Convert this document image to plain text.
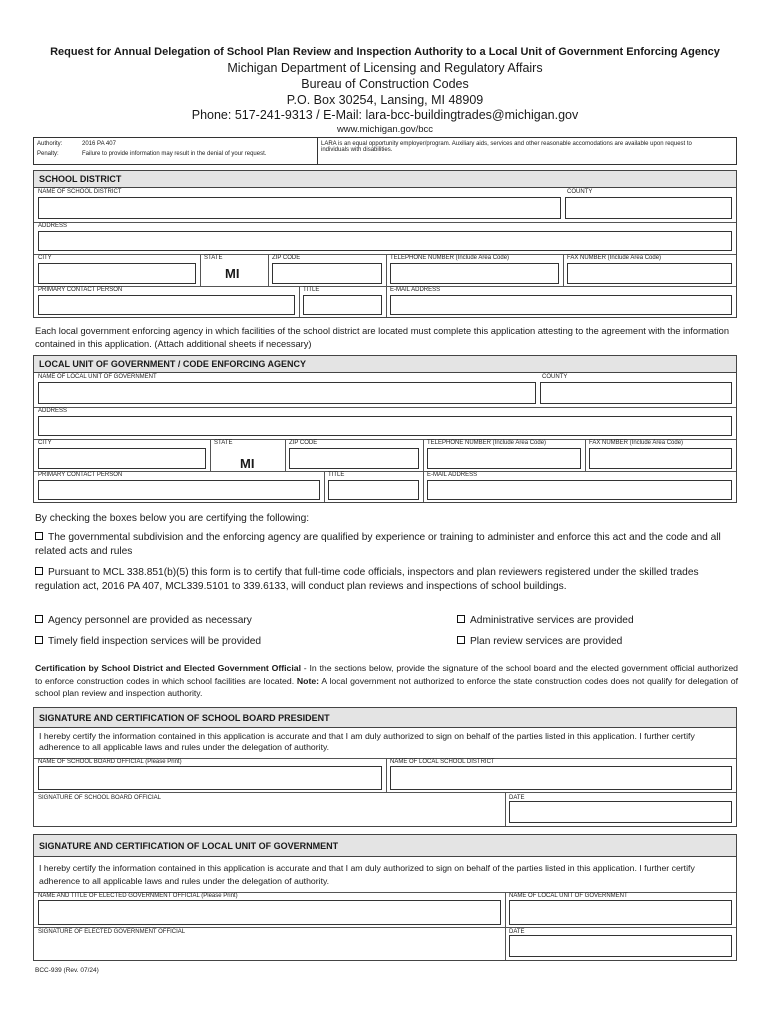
Request for Annual Delegation of School Plan Review and Inspection Authority to a Local Unit of Government Enforcing Agency
Michigan Department of Licensing and Regulatory Affairs
Bureau of Construction Codes
P.O. Box 30254, Lansing, MI 48909
Phone: 517-241-9313 / E-Mail: lara-bcc-buildingtrades@michigan.gov
www.michigan.gov/bcc
Authority:	2016 PA 407
Penalty:	Failure to provide information may result in the denial of your request.
LARA is an equal opportunity employer/program. Auxiliary aids, services and other reasonable accomodations are available upon request to individuals with disabilities.
SCHOOL DISTRICT
NAME OF SCHOOL DISTRICT	COUNTY
ADDRESS
CITY	STATE	ZIP CODE	TELEPHONE NUMBER (Include Area Code)	FAX NUMBER (Include Area Code)
MI
PRIMARY CONTACT PERSON	TITLE	E-MAIL ADDRESS
Each local government enforcing agency in which facilities of the school district are located must complete this application attesting to the agreement with the information contained in this application. (Attach additional sheets if necessary)
LOCAL UNIT OF GOVERNMENT / CODE ENFORCING AGENCY
NAME OF LOCAL UNIT OF GOVERNMENT	COUNTY
ADDRESS
CITY	STATE	ZIP CODE	TELEPHONE NUMBER (Include Area Code)	FAX NUMBER (Include Area Code)
MI
PRIMARY CONTACT PERSON	TITLE	E-MAIL ADDRESS
By checking the boxes below you are certifying the following:
The governmental subdivision and the enforcing agency are qualified by experience or training to administer and enforce this act and the code and all related acts and rules
Pursuant to MCL 338.851(b)(5) this form is to certify that full-time code officials, inspectors and plan reviewers registered under the skilled trades regulation act, 2016 PA 407, MCL339.5101 to 339.6133, will conduct plan reviews and inspections of school buildings.
Agency personnel are provided as necessary	Administrative services are provided
Timely field inspection services will be provided	Plan review services are provided
Certification by School District and Elected Government Official - In the sections below, provide the signature of the school board and the elected government official authorized to enforce construction codes in which school facilities are located. Note: A local government not authorized to enforce the state construction codes does not qualify for delegation of school plan review and inspection authority.
SIGNATURE AND CERTIFICATION OF SCHOOL BOARD PRESIDENT
I hereby certify the information contained in this application is accurate and that I am duly authorized to sign on behalf of the parties listed in this application. I further certify adherence to all applicable laws and rules under the delegation of authority.
NAME OF SCHOOL BOARD OFFICIAL (Please Print)	NAME OF LOCAL SCHOOL DISTRICT
SIGNATURE OF SCHOOL BOARD OFFICIAL	DATE
SIGNATURE AND CERTIFICATION OF LOCAL UNIT OF GOVERNMENT
I hereby certify the information contained in this application is accurate and that I am duly authorized to sign on behalf of the parties listed in this application. I further certify adherence to all applicable laws and rules under the delegation of authority.
NAME AND TITLE OF ELECTED GOVERNMENT OFFICIAL (Please Print)	NAME OF LOCAL UNIT OF GOVERNMENT
SIGNATURE OF ELECTED GOVERNMENT OFFICIAL	DATE
BCC-939 (Rev. 07/24)
